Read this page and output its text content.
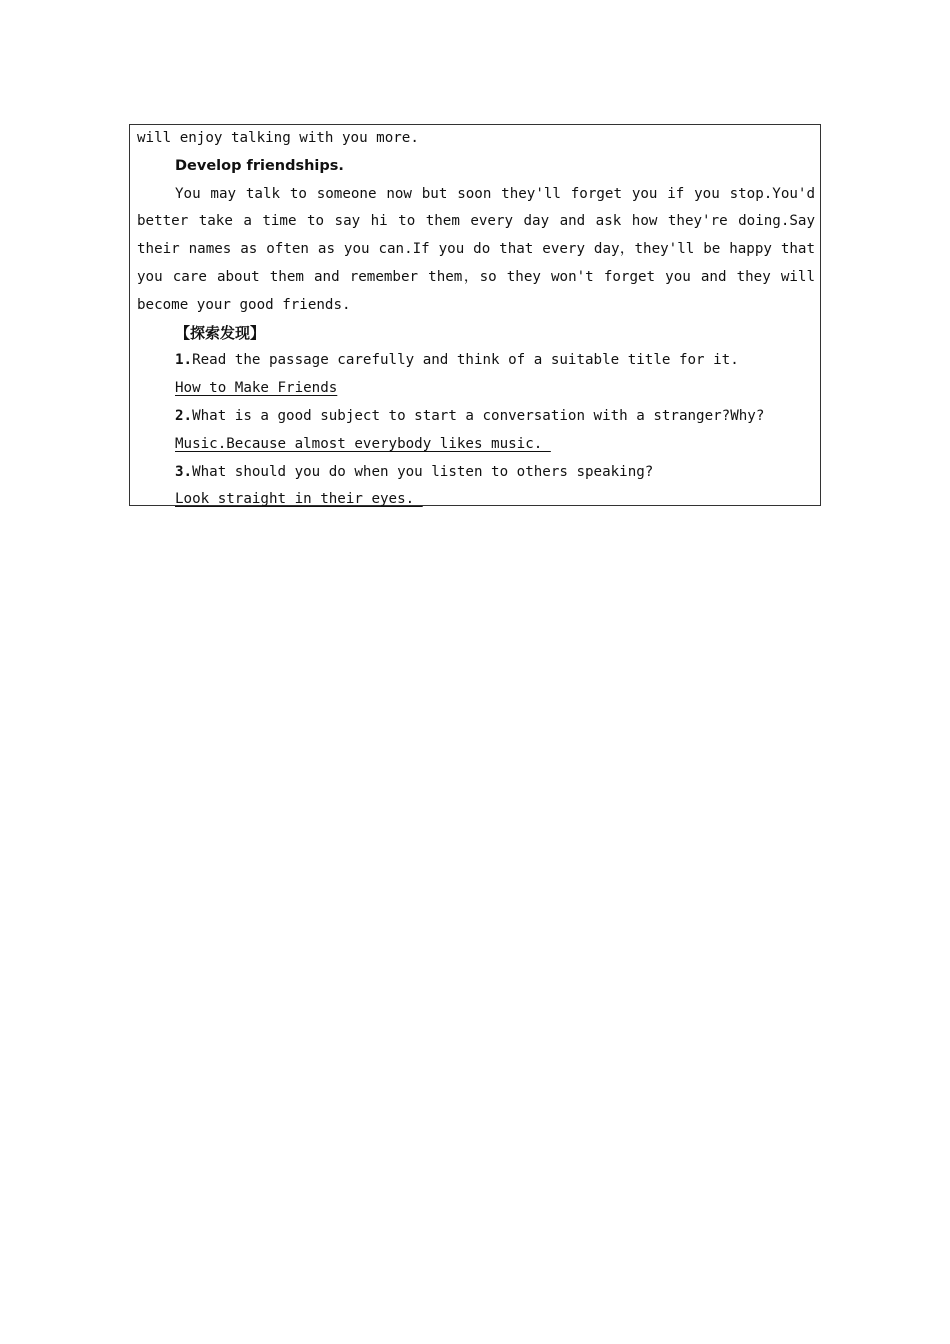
will enjoy talking with you more.
Develop friendships.
You may talk to someone now but soon they'll forget you if you stop.You'd
better take a time to say hi to them every day and ask how they're doing.Say
their names as often as you can.If you do that every day，they'll be happy that
you care about them and remember them，so they won't forget you and they will
become your good friends.
【探索发现】
1.Read the passage carefully and think of a suitable title for it.
How to Make Friends
2.What is a good subject to start a conversation with a stranger?Why?
Music.Because almost everybody likes music.
3.What should you do when you listen to others speaking?
Look straight in their eyes.
